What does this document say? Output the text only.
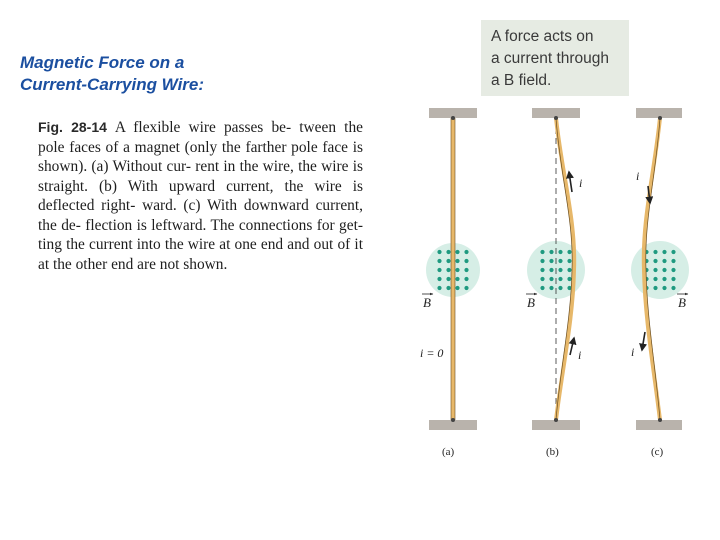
Magnetic Force on a
Current-Carrying Wire:
Fig. 28-14 A flexible wire passes be- tween the pole faces of a magnet (only the farther pole face is shown). (a) Without cur- rent in the wire, the wire is straight. (b) With upward current, the wire is deflected right- ward. (c) With downward current, the de- flection is leftward. The connections for get- ting the current into the wire at one end and out of it at the other end are not shown.
A force acts on
a current through
a B field.
B
i = 0
(a)
i
i
B
(b)
i
i
B
(c)
